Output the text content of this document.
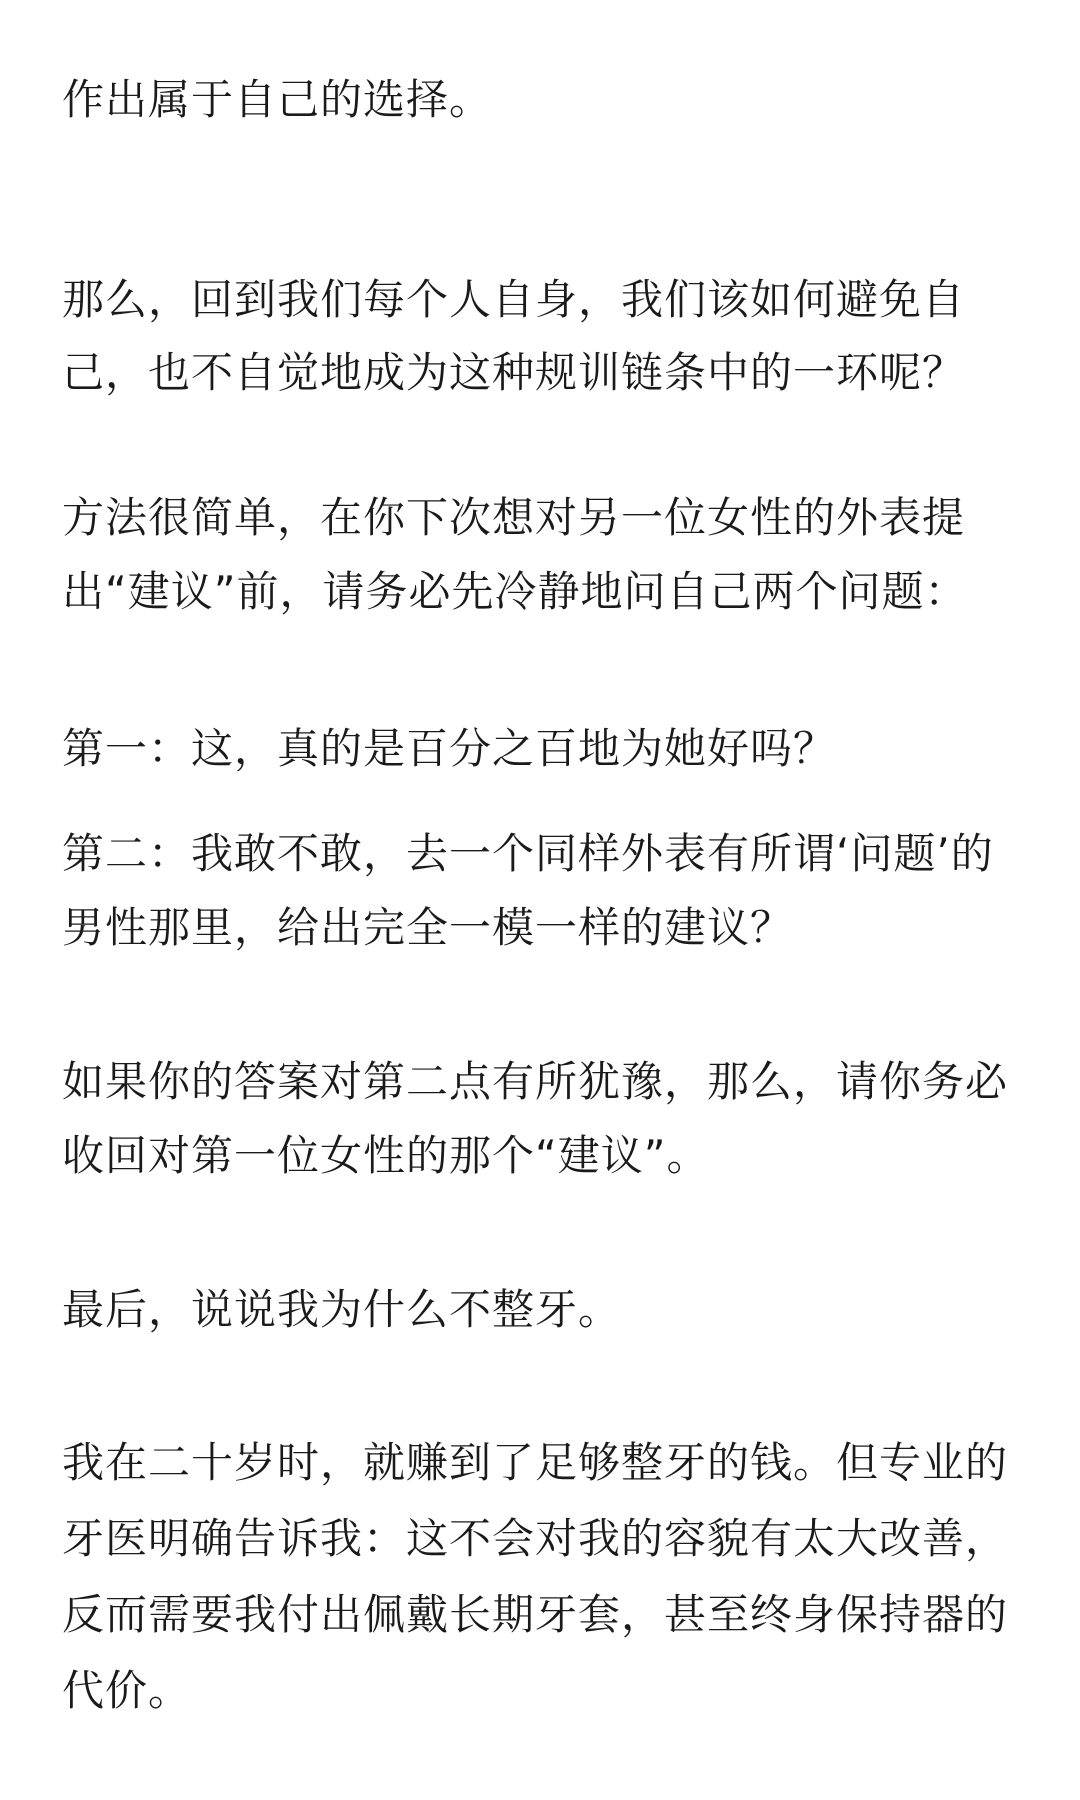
作出属于自己的选择。
那么，回到我们每个人自身，我们该如何避免自
己，也不自觉地成为这种规训链条中的一环呢？
方法很简单，在你下次想对另一位女性的外表提
出“建议”前，请务必先冷静地问自己两个问题：
第一：这，真的是百分之百地为她好吗？
第二：我敢不敢，去一个同样外表有所谓‘问题’的
男性那里，给出完全一模一样的建议？
如果你的答案对第二点有所犹豫，那么，请你务必
收回对第一位女性的那个“建议”。
最后，说说我为什么不整牙。
我在二十岁时，就赚到了足够整牙的钱。但专业的
牙医明确告诉我：这不会对我的容貌有太大改善，
反而需要我付出佩戴长期牙套，甚至终身保持器的
代价。
